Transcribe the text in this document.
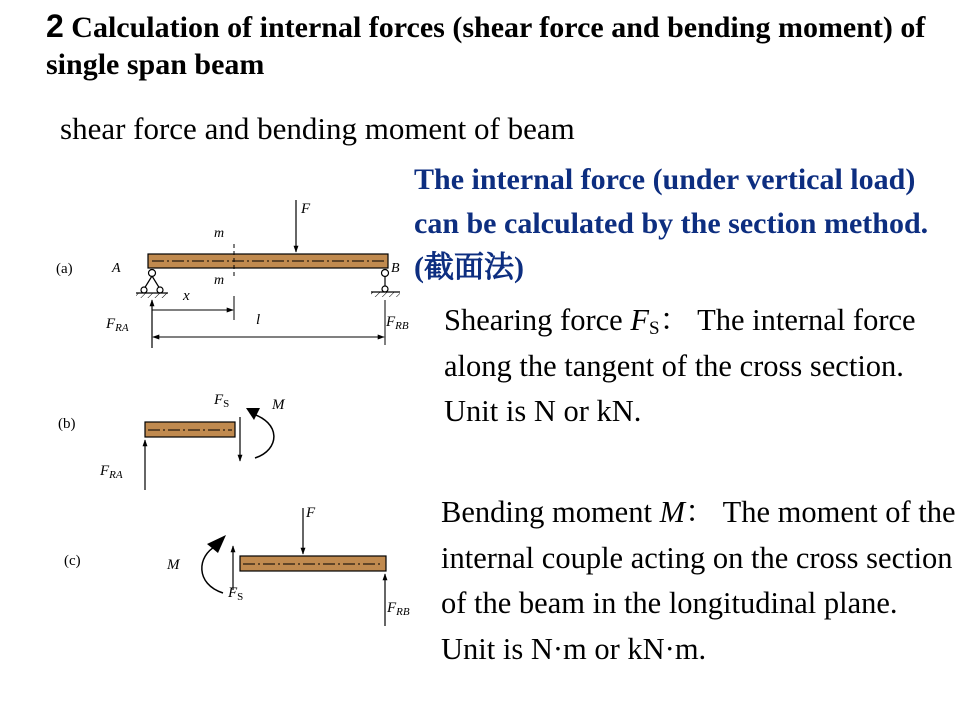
2 Calculation of internal forces (shear force and bending moment) of single span beam
shear force and bending moment of beam
The internal force (under vertical load) can be calculated by the section method.(截面法)
Shearing force $F_S$： The internal force along the tangent of the cross section. Unit is N or kN.
Bending moment M： The moment of the internal couple acting on the cross section of the beam in the longitudinal plane. Unit is N·m or kN·m.
(a)	A	B
m
m
F
x
l
$F_{RA}$	$F_{RB}$
(b)
$F_{RA}$
$F_S$	M
(c)
F
$F_{RB}$
$F_S$
M
